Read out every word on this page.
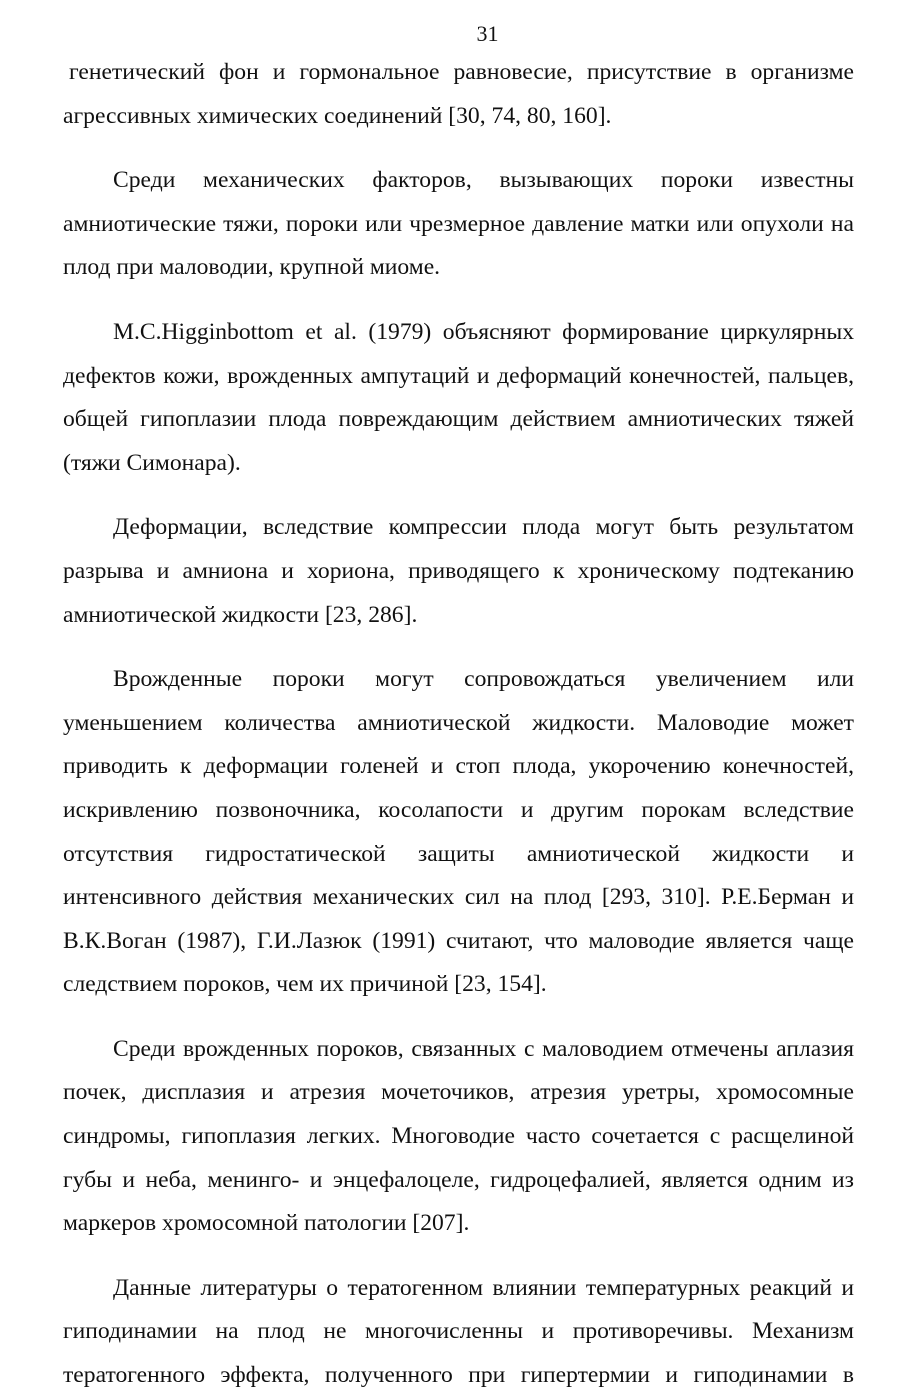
31

генетический фон и гормональное равновесие, присутствие в организме агрессивных химических соединений [30, 74, 80, 160].

Среди механических факторов, вызывающих пороки известны амниотические тяжи, пороки или чрезмерное давление матки или опухоли на плод при маловодии, крупной миоме.

M.C.Higginbottom et al. (1979) объясняют формирование циркулярных дефектов кожи, врожденных ампутаций и деформаций конечностей, пальцев, общей гипоплазии плода повреждающим действием амниотических тяжей (тяжи Симонара).

Деформации, вследствие компрессии плода могут быть результатом разрыва и амниона и хориона, приводящего к хроническому подтеканию амниотической жидкости [23, 286].

Врожденные пороки могут сопровождаться увеличением или уменьшением количества амниотической жидкости. Маловодие может приводить к деформации голеней и стоп плода, укорочению конечностей, искривлению позвоночника, косолапости и другим порокам вследствие отсутствия гидростатической защиты амниотической жидкости и интенсивного действия механических сил на плод [293, 310]. Р.Е.Берман и В.К.Воган (1987), Г.И.Лазюк (1991) считают, что маловодие является чаще следствием пороков, чем их причиной [23, 154].

Среди врожденных пороков, связанных с маловодием отмечены аплазия почек, дисплазия и атрезия мочеточиков, атрезия уретры, хромосомные синдромы, гипоплазия легких. Многоводие часто сочетается с расщелиной губы и неба, менинго- и энцефалоцеле, гидроцефалией, является одним из маркеров хромосомной патологии [207].

Данные литературы о тератогенном влиянии температурных реакций и гиподинамии на плод не многочисленны и противоречивы. Механизм тератогенного эффекта, полученного при гипертермии и гиподинамии в
